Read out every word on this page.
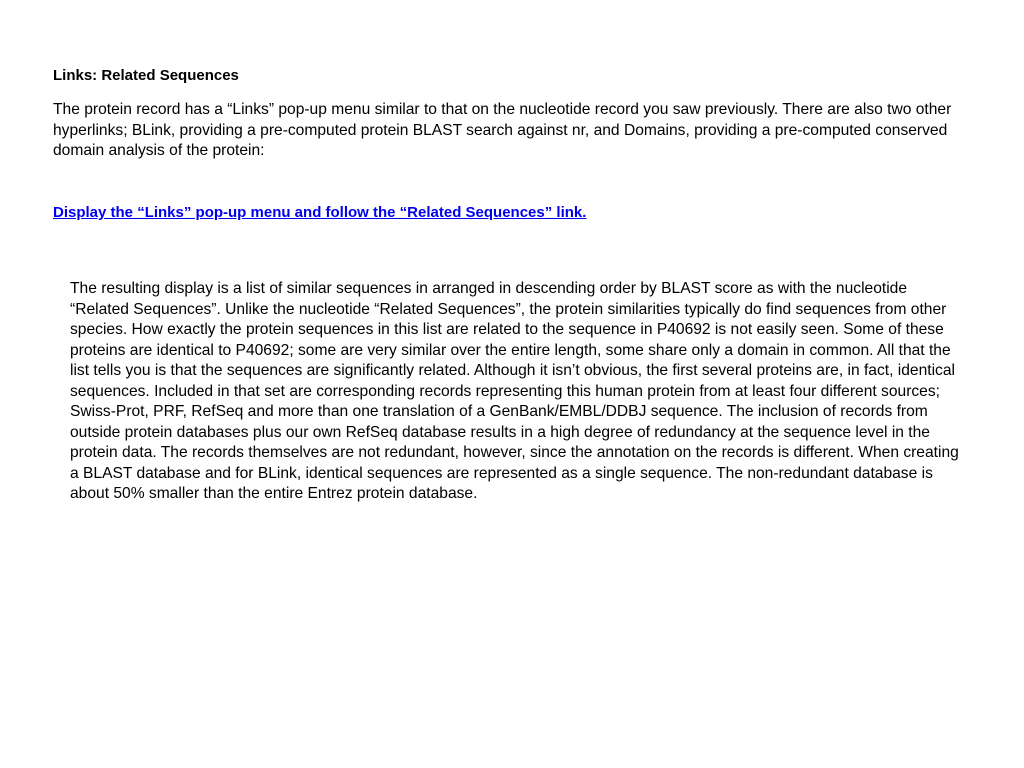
Links: Related Sequences

The protein record has a “Links” pop-up menu similar to that on the nucleotide record you saw previously. There are also two other hyperlinks; BLink, providing a pre-computed protein BLAST search against nr, and Domains, providing a pre-computed conserved domain analysis of the protein:

Display the “Links” pop-up menu and follow the “Related Sequences” link.

The resulting display is a list of similar sequences in arranged in descending order by BLAST score as with the nucleotide “Related Sequences”. Unlike the nucleotide “Related Sequences”, the protein similarities typically do find sequences from other species. How exactly the protein sequences in this list are related to the sequence in P40692 is not easily seen. Some of these proteins are identical to P40692; some are very similar over the entire length, some share only a domain in common. All that the list tells you is that the sequences are significantly related. Although it isn’t obvious, the first several proteins are, in fact, identical sequences. Included in that set are corresponding records representing this human protein from at least four different sources; Swiss-Prot, PRF, RefSeq and more than one translation of a GenBank/EMBL/DDBJ sequence. The inclusion of records from outside protein databases plus our own RefSeq database results in a high degree of redundancy at the sequence level in the protein data. The records themselves are not redundant, however, since the annotation on the records is different. When creating a BLAST database and for BLink, identical sequences are represented as a single sequence. The non-redundant database is about 50% smaller than the entire Entrez protein database.
